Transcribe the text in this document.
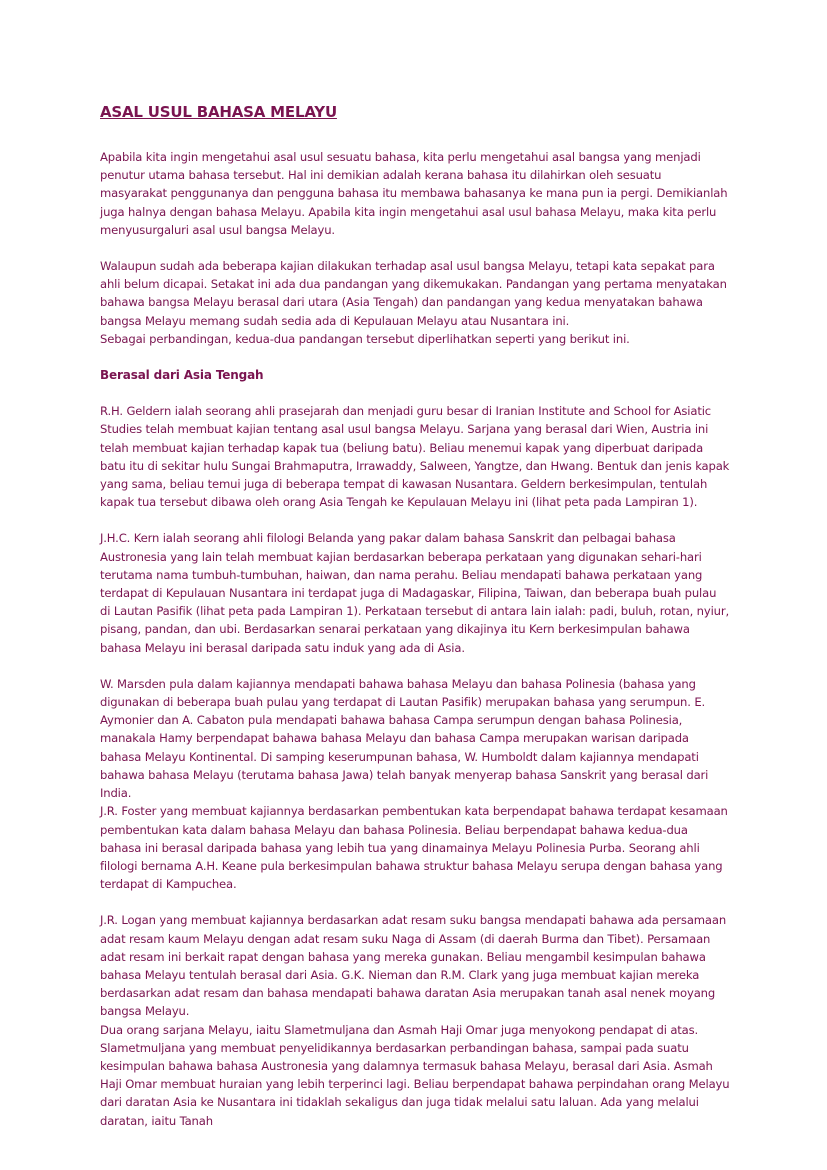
ASAL USUL BAHASA MELAYU

Apabila kita ingin mengetahui asal usul sesuatu bahasa, kita perlu mengetahui asal bangsa yang menjadi penutur utama bahasa tersebut. Hal ini demikian adalah kerana bahasa itu dilahirkan oleh sesuatu masyarakat penggunanya dan pengguna bahasa itu membawa bahasanya ke mana pun ia pergi. Demikianlah juga halnya dengan bahasa Melayu. Apabila kita ingin mengetahui asal usul bahasa Melayu, maka kita perlu menyusurgaluri asal usul bangsa Melayu.

Walaupun sudah ada beberapa kajian dilakukan terhadap asal usul bangsa Melayu, tetapi kata sepakat para ahli belum dicapai. Setakat ini ada dua pandangan yang dikemukakan. Pandangan yang pertama menyatakan bahawa bangsa Melayu berasal dari utara (Asia Tengah) dan pandangan yang kedua menyatakan bahawa bangsa Melayu memang sudah sedia ada di Kepulauan Melayu atau Nusantara ini.

Sebagai perbandingan, kedua-dua pandangan tersebut diperlihatkan seperti yang berikut ini.

Berasal dari Asia Tengah

R.H. Geldern ialah seorang ahli prasejarah dan menjadi guru besar di Iranian Institute and School for Asiatic Studies telah membuat kajian tentang asal usul bangsa Melayu. Sarjana yang berasal dari Wien, Austria ini telah membuat kajian terhadap kapak tua (beliung batu). Beliau menemui kapak yang diperbuat daripada batu itu di sekitar hulu Sungai Brahmaputra, Irrawaddy, Salween, Yangtze, dan Hwang. Bentuk dan jenis kapak yang sama, beliau temui juga di beberapa tempat di kawasan Nusantara. Geldern berkesimpulan, tentulah kapak tua tersebut dibawa oleh orang Asia Tengah ke Kepulauan Melayu ini (lihat peta pada Lampiran 1).

J.H.C. Kern ialah seorang ahli filologi Belanda yang pakar dalam bahasa Sanskrit dan pelbagai bahasa Austronesia yang lain telah membuat kajian berdasarkan beberapa perkataan yang digunakan sehari-hari terutama nama tumbuh-tumbuhan, haiwan, dan nama perahu. Beliau mendapati bahawa perkataan yang terdapat di Kepulauan Nusantara ini terdapat juga di Madagaskar, Filipina, Taiwan, dan beberapa buah pulau di Lautan Pasifik (lihat peta pada Lampiran 1). Perkataan tersebut di antara lain ialah: padi, buluh, rotan, nyiur, pisang, pandan, dan ubi. Berdasarkan senarai perkataan yang dikajinya itu Kern berkesimpulan bahawa bahasa Melayu ini berasal daripada satu induk yang ada di Asia.

W. Marsden pula dalam kajiannya mendapati bahawa bahasa Melayu dan bahasa Polinesia (bahasa yang digunakan di beberapa buah pulau yang terdapat di Lautan Pasifik) merupakan bahasa yang serumpun. E. Aymonier dan A. Cabaton pula mendapati bahawa bahasa Campa serumpun dengan bahasa Polinesia, manakala Hamy berpendapat bahawa bahasa Melayu dan bahasa Campa merupakan warisan daripada bahasa Melayu Kontinental. Di samping keserumpunan bahasa, W. Humboldt dalam kajiannya mendapati bahawa bahasa Melayu (terutama bahasa Jawa) telah banyak menyerap bahasa Sanskrit yang berasal dari India.

J.R. Foster yang membuat kajiannya berdasarkan pembentukan kata berpendapat bahawa terdapat kesamaan pembentukan kata dalam bahasa Melayu dan bahasa Polinesia. Beliau berpendapat bahawa kedua-dua bahasa ini berasal daripada bahasa yang lebih tua yang dinamainya Melayu Polinesia Purba. Seorang ahli filologi bernama A.H. Keane pula berkesimpulan bahawa struktur bahasa Melayu serupa dengan bahasa yang terdapat di Kampuchea.

J.R. Logan yang membuat kajiannya berdasarkan adat resam suku bangsa mendapati bahawa ada persamaan adat resam kaum Melayu dengan adat resam suku Naga di Assam (di daerah Burma dan Tibet). Persamaan adat resam ini berkait rapat dengan bahasa yang mereka gunakan. Beliau mengambil kesimpulan bahawa bahasa Melayu tentulah berasal dari Asia. G.K. Nieman dan R.M. Clark yang juga membuat kajian mereka berdasarkan adat resam dan bahasa mendapati bahawa daratan Asia merupakan tanah asal nenek moyang bangsa Melayu.

Dua orang sarjana Melayu, iaitu Slametmuljana dan Asmah Haji Omar juga menyokong pendapat di atas. Slametmuljana yang membuat penyelidikannya berdasarkan perbandingan bahasa, sampai pada suatu kesimpulan bahawa bahasa Austronesia yang dalamnya termasuk bahasa Melayu, berasal dari Asia. Asmah Haji Omar membuat huraian yang lebih terperinci lagi. Beliau berpendapat bahawa perpindahan orang Melayu dari daratan Asia ke Nusantara ini tidaklah sekaligus dan juga tidak melalui satu laluan. Ada yang melalui daratan, iaitu Tanah
